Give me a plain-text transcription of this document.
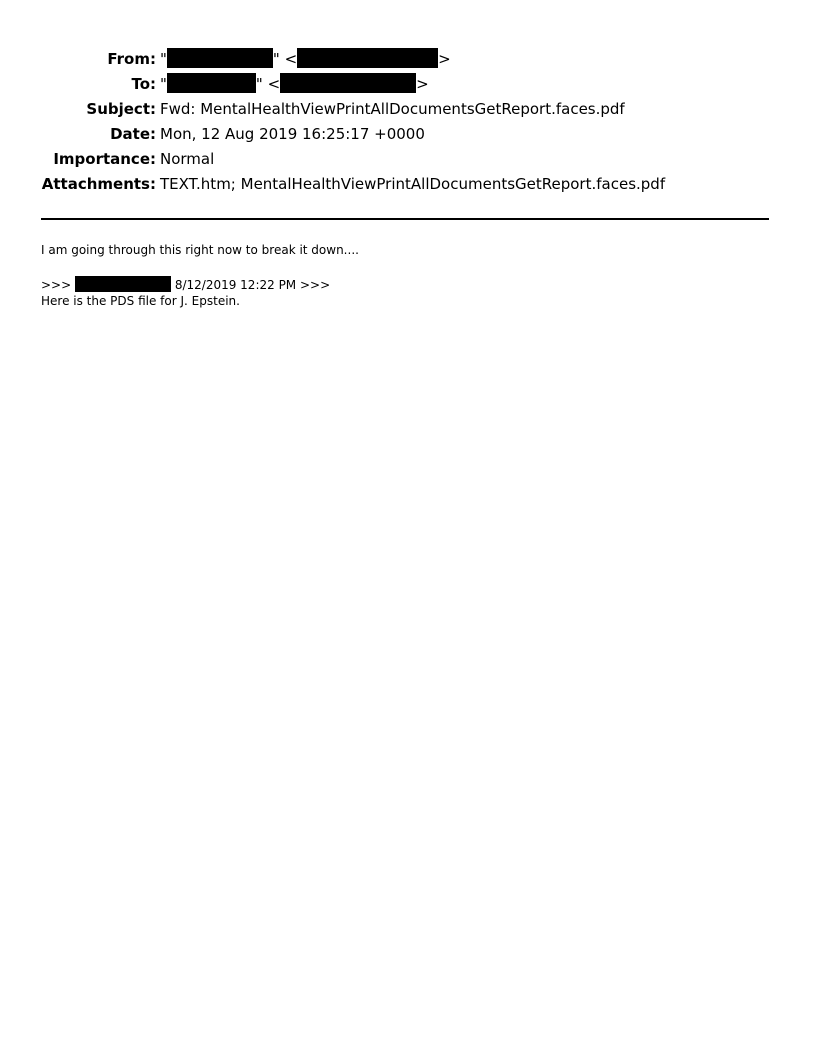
From: "	" <	>
To: "	" <	>
Subject: Fwd: MentalHealthViewPrintAllDocumentsGetReport.faces.pdf
Date: Mon, 12 Aug 2019 16:25:17 +0000
Importance: Normal
Attachments: TEXT.htm; MentalHealthViewPrintAllDocumentsGetReport.faces.pdf
I am going through this right now to break it down....
>>>	8/12/2019 12:22 PM >>>
Here is the PDS file for J. Epstein.
